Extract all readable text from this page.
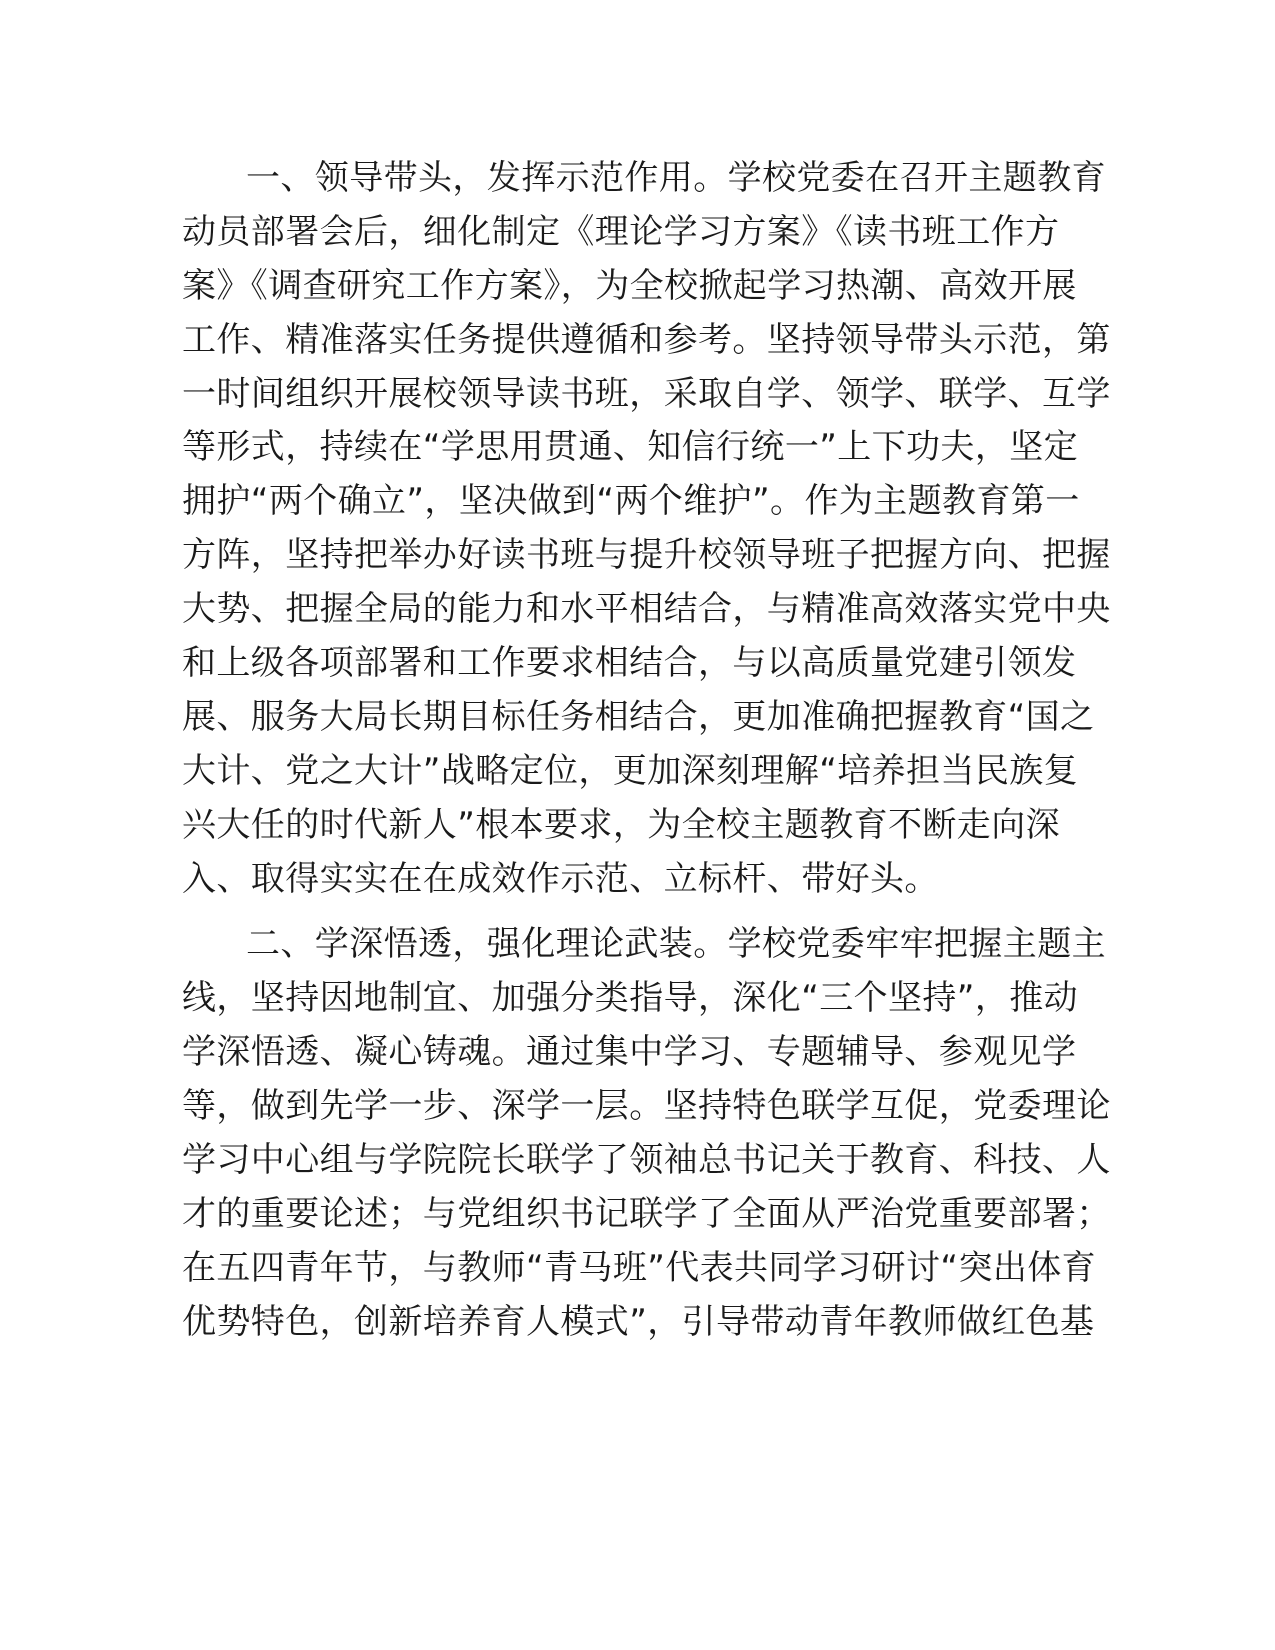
一、领导带头，发挥示范作用。学校党委在召开主题教育
动员部署会后，细化制定《理论学习方案》《读书班工作方
案》《调查研究工作方案》，为全校掀起学习热潮、高效开展
工作、精准落实任务提供遵循和参考。坚持领导带头示范，第
一时间组织开展校领导读书班，采取自学、领学、联学、互学
等形式，持续在“学思用贯通、知信行统一”上下功夫，坚定
拥护“两个确立”，坚决做到“两个维护”。作为主题教育第一
方阵，坚持把举办好读书班与提升校领导班子把握方向、把握
大势、把握全局的能力和水平相结合，与精准高效落实党中央
和上级各项部署和工作要求相结合，与以高质量党建引领发
展、服务大局长期目标任务相结合，更加准确把握教育“国之
大计、党之大计”战略定位，更加深刻理解“培养担当民族复
兴大任的时代新人”根本要求，为全校主题教育不断走向深
入、取得实实在在成效作示范、立标杆、带好头。
二、学深悟透，强化理论武装。学校党委牢牢把握主题主
线，坚持因地制宜、加强分类指导，深化“三个坚持”，推动
学深悟透、凝心铸魂。通过集中学习、专题辅导、参观见学
等，做到先学一步、深学一层。坚持特色联学互促，党委理论
学习中心组与学院院长联学了领袖总书记关于教育、科技、人
才的重要论述；与党组织书记联学了全面从严治党重要部署；
在五四青年节，与教师“青马班”代表共同学习研讨“突出体育
优势特色，创新培养育人模式”，引导带动青年教师做红色基
